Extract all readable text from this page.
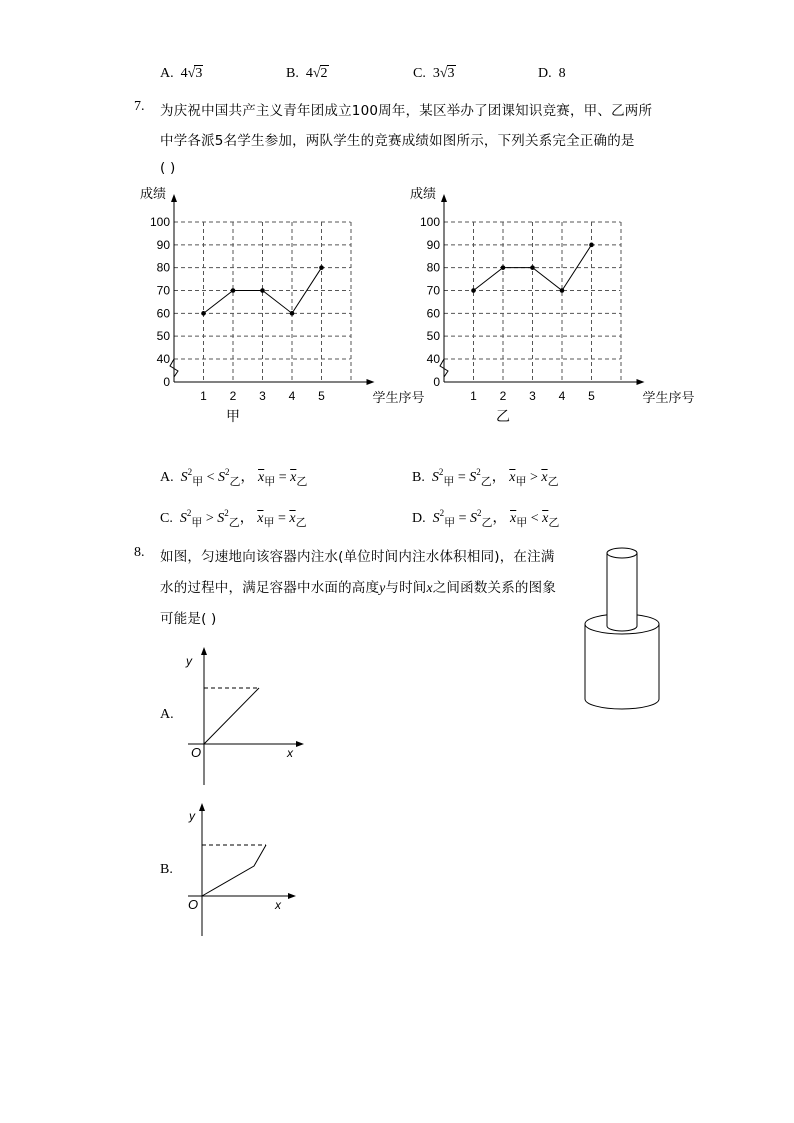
A. 4√3	B. 4√2	C. 3√3	D. 8
7. 为庆祝中国共产主义青年团成立100周年，某区举办了团课知识竞赛，甲、乙两所
中学各派5名学生参加，两队学生的竞赛成绩如图所示，下列关系完全正确的是
( )
100
90
80
70
60
50
40
0
1 2 3 4 5
成绩
学生序号
甲
100
90
80
70
60
50
40
0
1 2 3 4 5
成绩
学生序号
乙
A. $S^2_甲 < S^2_乙$， $\overline{x}_甲 = \overline{x}_乙$	B. $S^2_甲 = S^2_乙$， $\overline{x}_甲 > \overline{x}_乙$
C. $S^2_甲 > S^2_乙$， $\overline{x}_甲 = \overline{x}_乙$	D. $S^2_甲 = S^2_乙$， $\overline{x}_甲 < \overline{x}_乙$
8. 如图，匀速地向该容器内注水(单位时间内注水体积相同)，在注满
水的过程中，满足容器中水面的高度y与时间x之间函数关系的图象
可能是( )
A.
y
O	x
B.
y
O	x
